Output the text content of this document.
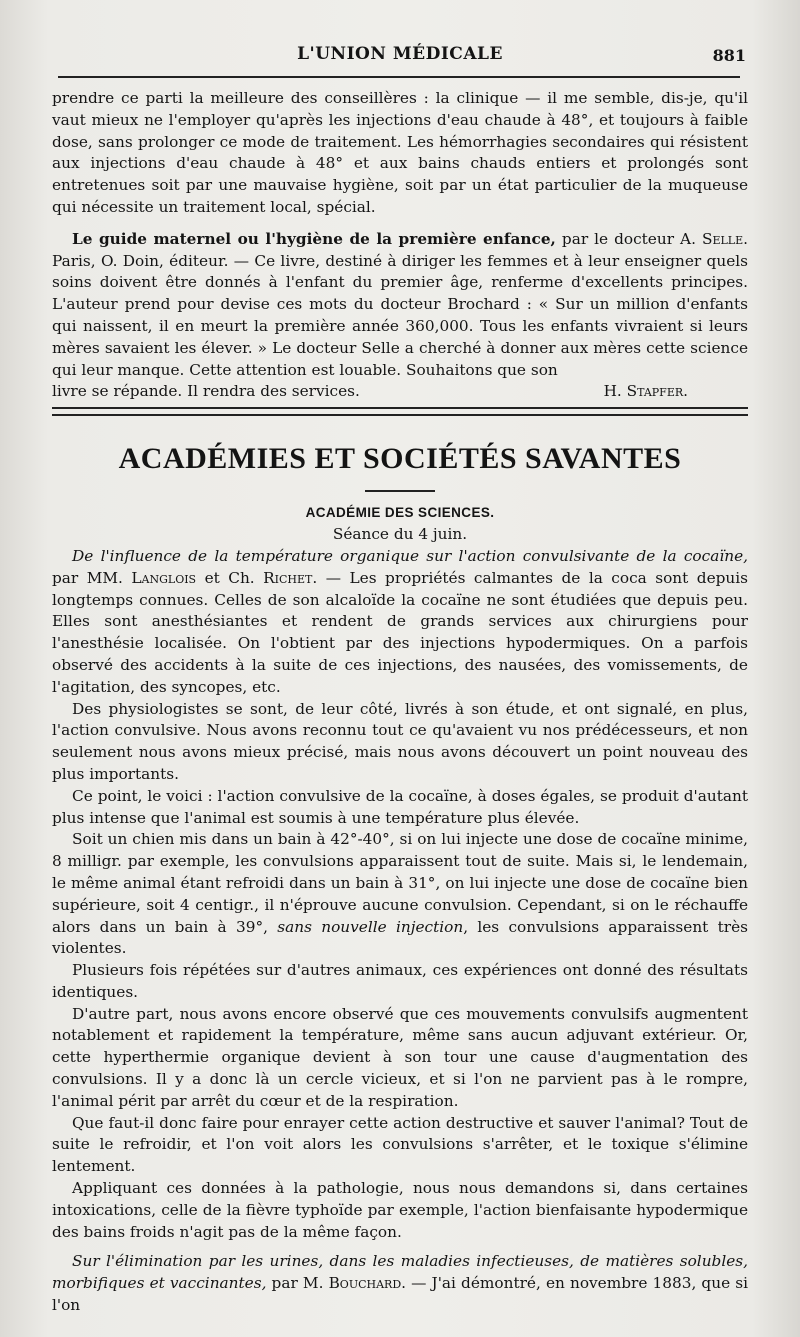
L'UNION MÉDICALE	881

prendre ce parti la meilleure des conseillères : la clinique — il me semble, dis-je, qu'il vaut mieux ne l'employer qu'après les injections d'eau chaude à 48°, et toujours à faible dose, sans prolonger ce mode de traitement. Les hémorrhagies secondaires qui résistent aux injections d'eau chaude à 48° et aux bains chauds entiers et prolongés sont entretenues soit par une mauvaise hygiène, soit par un état particulier de la muqueuse qui nécessite un traitement local, spécial.

Le guide maternel ou l'hygiène de la première enfance, par le docteur A. Selle. Paris, O. Doin, éditeur. — Ce livre, destiné à diriger les femmes et à leur enseigner quels soins doivent être donnés à l'enfant du premier âge, renferme d'excellents principes. L'auteur prend pour devise ces mots du docteur Brochard : « Sur un million d'enfants qui naissent, il en meurt la première année 360,000. Tous les enfants vivraient si leurs mères savaient les élever. » Le docteur Selle a cherché à donner aux mères cette science qui leur manque. Cette attention est louable. Souhaitons que son

livre se répande. Il rendra des services.	H. Stapfer.
ACADÉMIES ET SOCIÉTÉS SAVANTES
ACADÉMIE DES SCIENCES.
Séance du 4 juin.

De l'influence de la température organique sur l'action convulsivante de la cocaïne, par MM. Langlois et Ch. Richet. — Les propriétés calmantes de la coca sont depuis longtemps connues. Celles de son alcaloïde la cocaïne ne sont étudiées que depuis peu. Elles sont anesthésiantes et rendent de grands services aux chirurgiens pour l'anesthésie localisée. On l'obtient par des injections hypodermiques. On a parfois observé des accidents à la suite de ces injections, des nausées, des vomissements, de l'agitation, des syncopes, etc.

Des physiologistes se sont, de leur côté, livrés à son étude, et ont signalé, en plus, l'action convulsive. Nous avons reconnu tout ce qu'avaient vu nos prédécesseurs, et non seulement nous avons mieux précisé, mais nous avons découvert un point nouveau des plus importants.

Ce point, le voici : l'action convulsive de la cocaïne, à doses égales, se produit d'autant plus intense que l'animal est soumis à une température plus élevée.

Soit un chien mis dans un bain à 42°-40°, si on lui injecte une dose de cocaïne minime, 8 milligr. par exemple, les convulsions apparaissent tout de suite. Mais si, le lendemain, le même animal étant refroidi dans un bain à 31°, on lui injecte une dose de cocaïne bien supérieure, soit 4 centigr., il n'éprouve aucune convulsion. Cependant, si on le réchauffe alors dans un bain à 39°, sans nouvelle injection, les convulsions apparaissent très violentes.

Plusieurs fois répétées sur d'autres animaux, ces expériences ont donné des résultats identiques.

D'autre part, nous avons encore observé que ces mouvements convulsifs augmentent notablement et rapidement la température, même sans aucun adjuvant extérieur. Or, cette hyperthermie organique devient à son tour une cause d'augmentation des convulsions. Il y a donc là un cercle vicieux, et si l'on ne parvient pas à le rompre, l'animal périt par arrêt du cœur et de la respiration.

Que faut-il donc faire pour enrayer cette action destructive et sauver l'animal? Tout de suite le refroidir, et l'on voit alors les convulsions s'arrêter, et le toxique s'élimine lentement.

Appliquant ces données à la pathologie, nous nous demandons si, dans certaines intoxications, celle de la fièvre typhoïde par exemple, l'action bienfaisante hypodermique des bains froids n'agit pas de la même façon.

Sur l'élimination par les urines, dans les maladies infectieuses, de matières solubles, morbifiques et vaccinantes, par M. Bouchard. — J'ai démontré, en novembre 1883, que si l'on
